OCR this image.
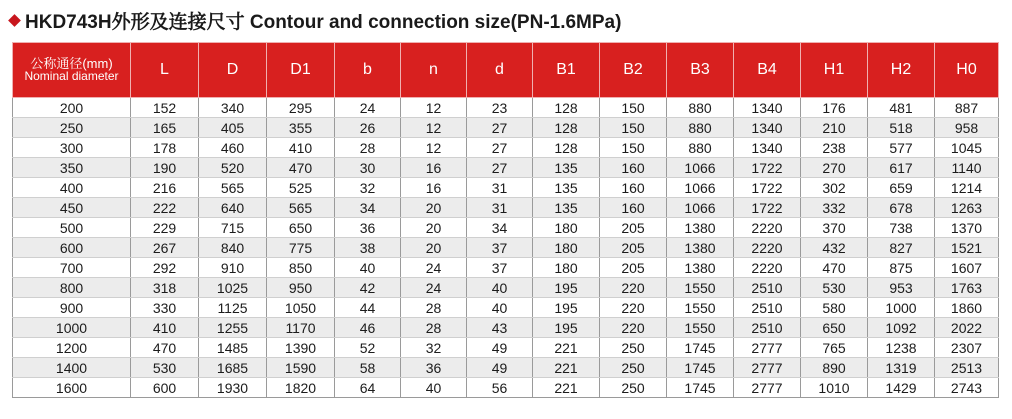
HKD743H外形及连接尺寸 Contour and connection size(PN-1.6MPa)
公称通径(mm)
Nominal diameter	L	D	D1	b	n	d	B1	B2	B3	B4	H1	H2	H0
200	152	340	295	24	12	23	128	150	880	1340	176	481	887
250	165	405	355	26	12	27	128	150	880	1340	210	518	958
300	178	460	410	28	12	27	128	150	880	1340	238	577	1045
350	190	520	470	30	16	27	135	160	1066	1722	270	617	1140
400	216	565	525	32	16	31	135	160	1066	1722	302	659	1214
450	222	640	565	34	20	31	135	160	1066	1722	332	678	1263
500	229	715	650	36	20	34	180	205	1380	2220	370	738	1370
600	267	840	775	38	20	37	180	205	1380	2220	432	827	1521
700	292	910	850	40	24	37	180	205	1380	2220	470	875	1607
800	318	1025	950	42	24	40	195	220	1550	2510	530	953	1763
900	330	1125	1050	44	28	40	195	220	1550	2510	580	1000	1860
1000	410	1255	1170	46	28	43	195	220	1550	2510	650	1092	2022
1200	470	1485	1390	52	32	49	221	250	1745	2777	765	1238	2307
1400	530	1685	1590	58	36	49	221	250	1745	2777	890	1319	2513
1600	600	1930	1820	64	40	56	221	250	1745	2777	1010	1429	2743
